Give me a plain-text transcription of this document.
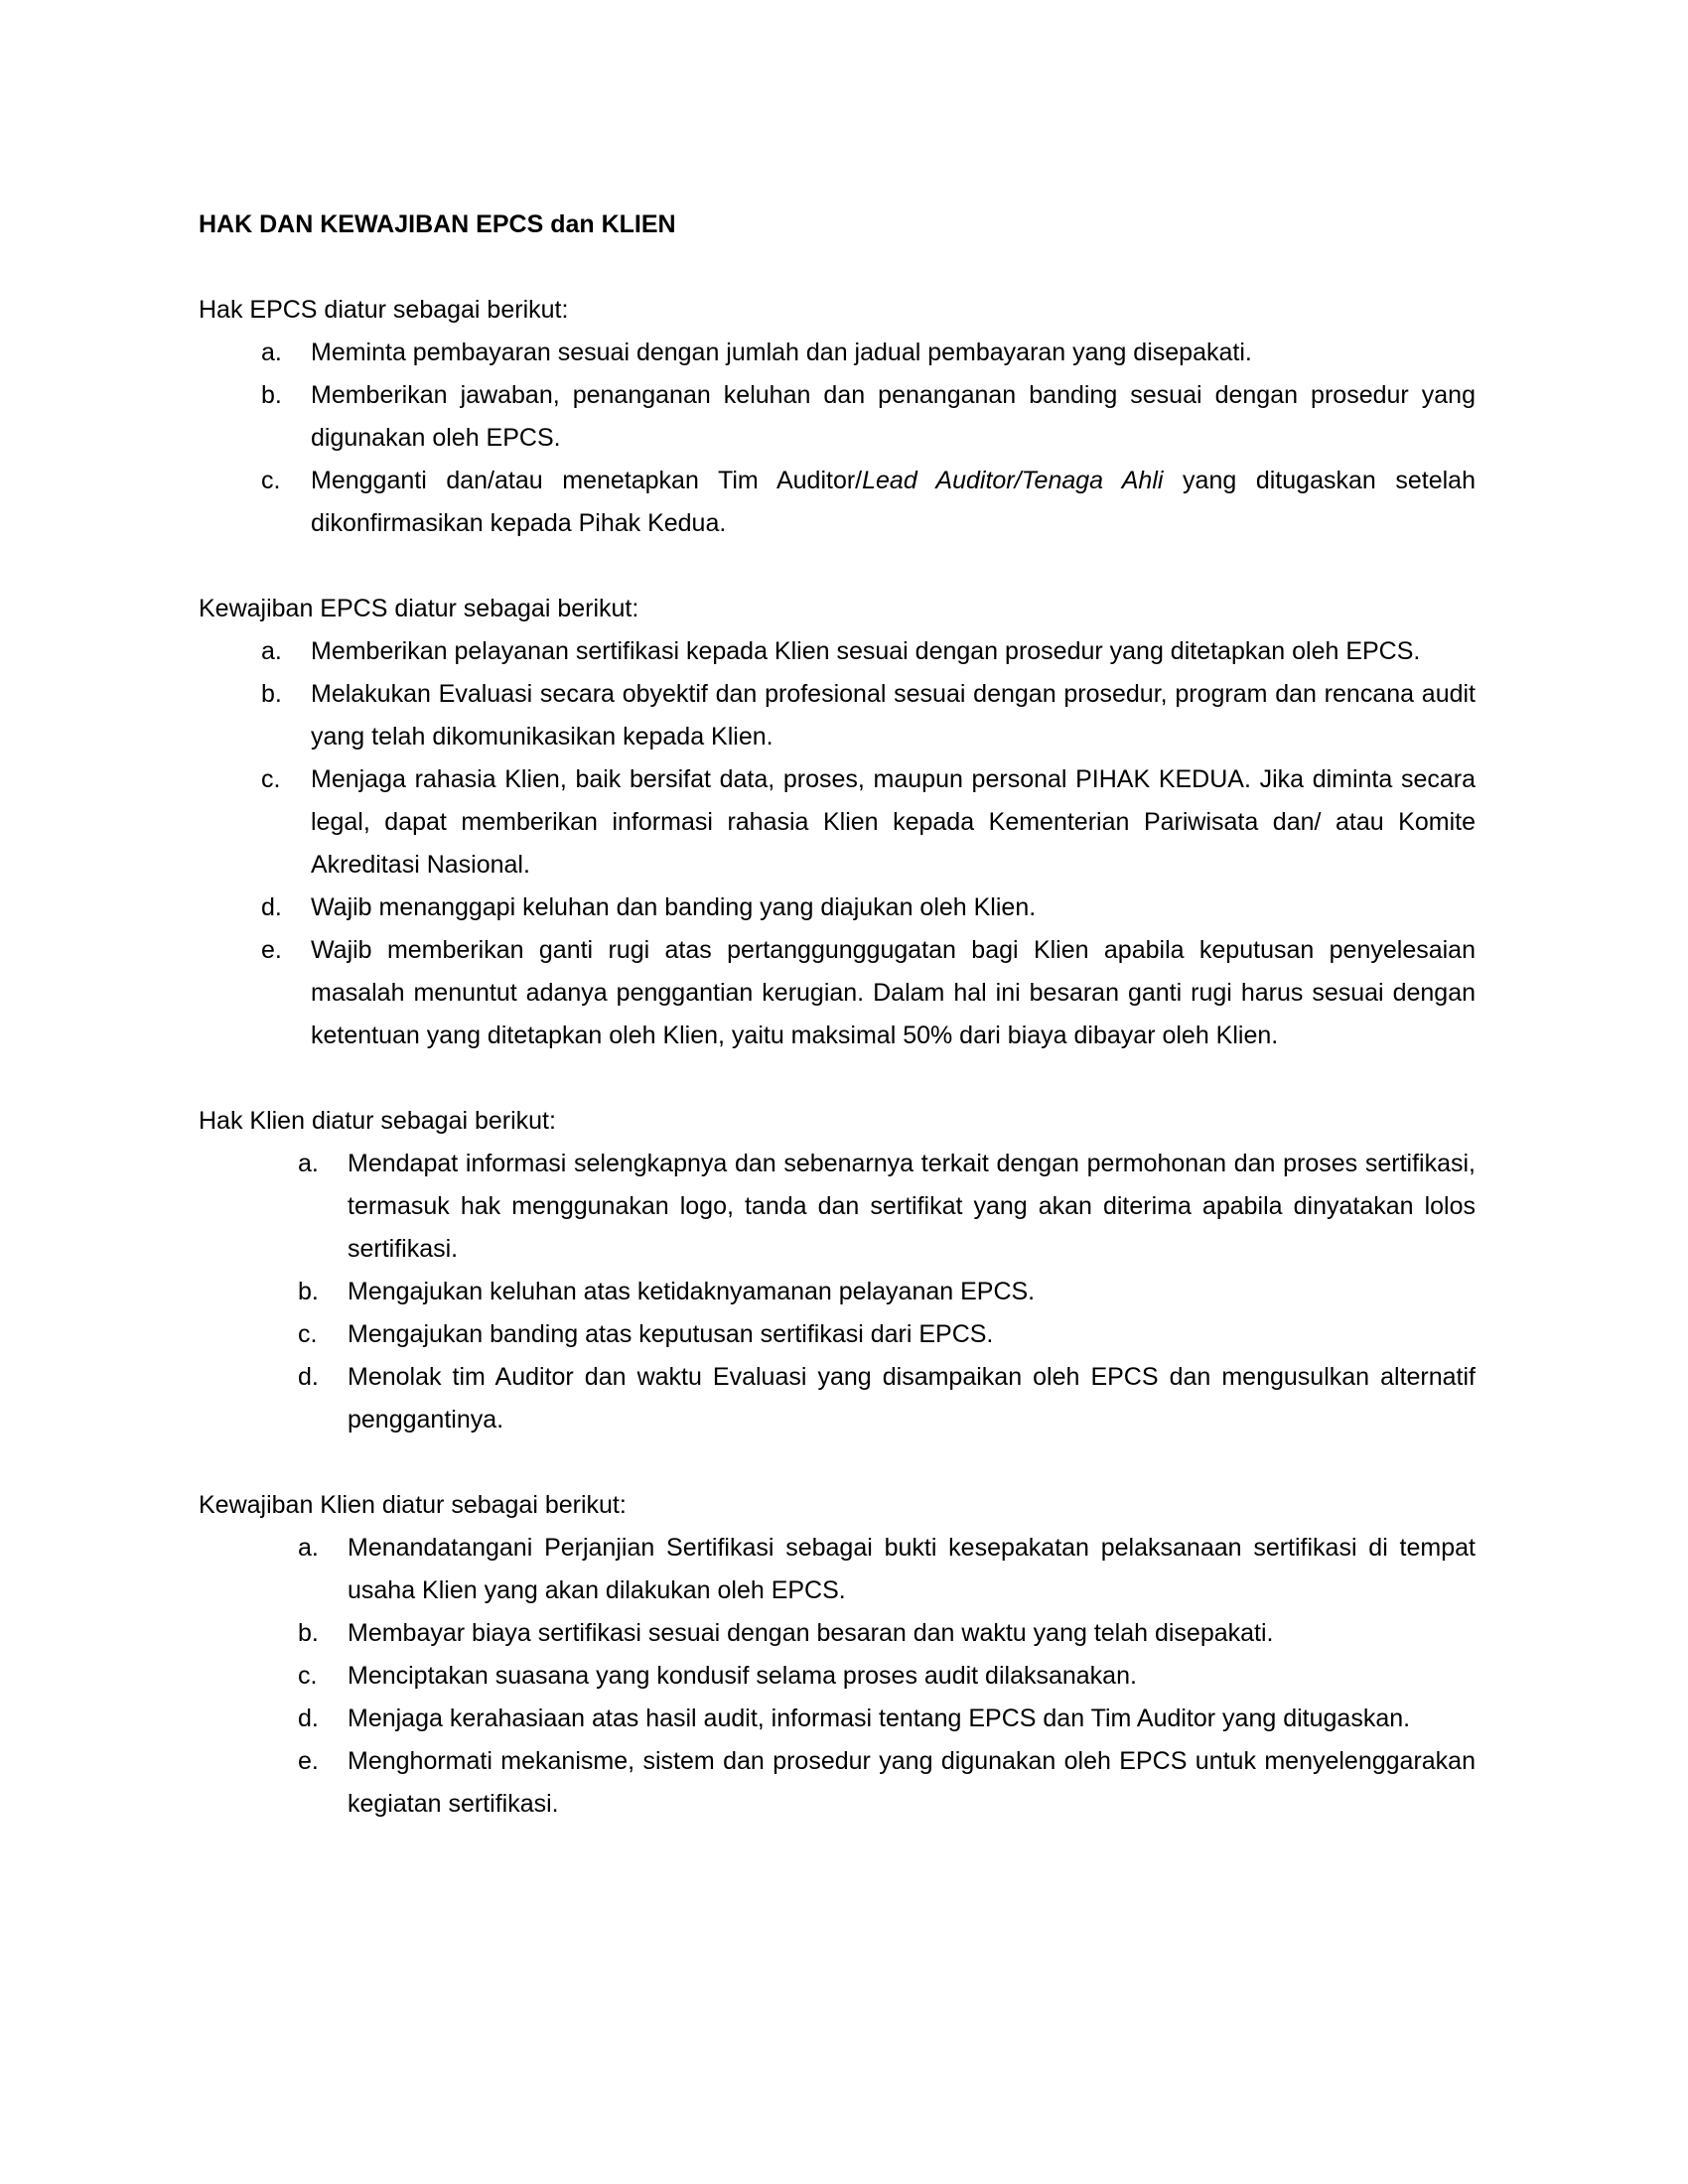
HAK DAN KEWAJIBAN EPCS dan KLIEN

Hak EPCS diatur sebagai berikut:

a. Meminta pembayaran sesuai dengan jumlah dan jadual pembayaran yang disepakati.
b. Memberikan jawaban, penanganan keluhan dan penanganan banding sesuai dengan prosedur yang digunakan oleh EPCS.
c. Mengganti dan/atau menetapkan Tim Auditor/Lead Auditor/Tenaga Ahli yang ditugaskan setelah dikonfirmasikan kepada Pihak Kedua.

Kewajiban EPCS diatur sebagai berikut:

a. Memberikan pelayanan sertifikasi kepada Klien sesuai dengan prosedur yang ditetapkan oleh EPCS.
b. Melakukan Evaluasi secara obyektif dan profesional sesuai dengan prosedur, program dan rencana audit yang telah dikomunikasikan kepada Klien.
c. Menjaga rahasia Klien, baik bersifat data, proses, maupun personal PIHAK KEDUA. Jika diminta secara legal, dapat memberikan informasi rahasia Klien kepada Kementerian Pariwisata dan/ atau Komite Akreditasi Nasional.
d. Wajib menanggapi keluhan dan banding yang diajukan oleh Klien.
e. Wajib memberikan ganti rugi atas pertanggunggugatan bagi Klien apabila keputusan penyelesaian masalah menuntut adanya penggantian kerugian. Dalam hal ini besaran ganti rugi harus sesuai dengan ketentuan yang ditetapkan oleh Klien, yaitu maksimal 50% dari biaya dibayar oleh Klien.

Hak Klien diatur sebagai berikut:

a. Mendapat informasi selengkapnya dan sebenarnya terkait dengan permohonan dan proses sertifikasi, termasuk hak menggunakan logo, tanda dan sertifikat yang akan diterima apabila dinyatakan lolos sertifikasi.
b. Mengajukan keluhan atas ketidaknyamanan pelayanan EPCS.
c. Mengajukan banding atas keputusan sertifikasi dari EPCS.
d. Menolak tim Auditor dan waktu Evaluasi yang disampaikan oleh EPCS dan mengusulkan alternatif penggantinya.

Kewajiban Klien diatur sebagai berikut:

a. Menandatangani Perjanjian Sertifikasi sebagai bukti kesepakatan pelaksanaan sertifikasi di tempat usaha Klien yang akan dilakukan oleh EPCS.
b. Membayar biaya sertifikasi sesuai dengan besaran dan waktu yang telah disepakati.
c. Menciptakan suasana yang kondusif selama proses audit dilaksanakan.
d. Menjaga kerahasiaan atas hasil audit, informasi tentang EPCS dan Tim Auditor yang ditugaskan.
e. Menghormati mekanisme, sistem dan prosedur yang digunakan oleh EPCS untuk menyelenggarakan kegiatan sertifikasi.
